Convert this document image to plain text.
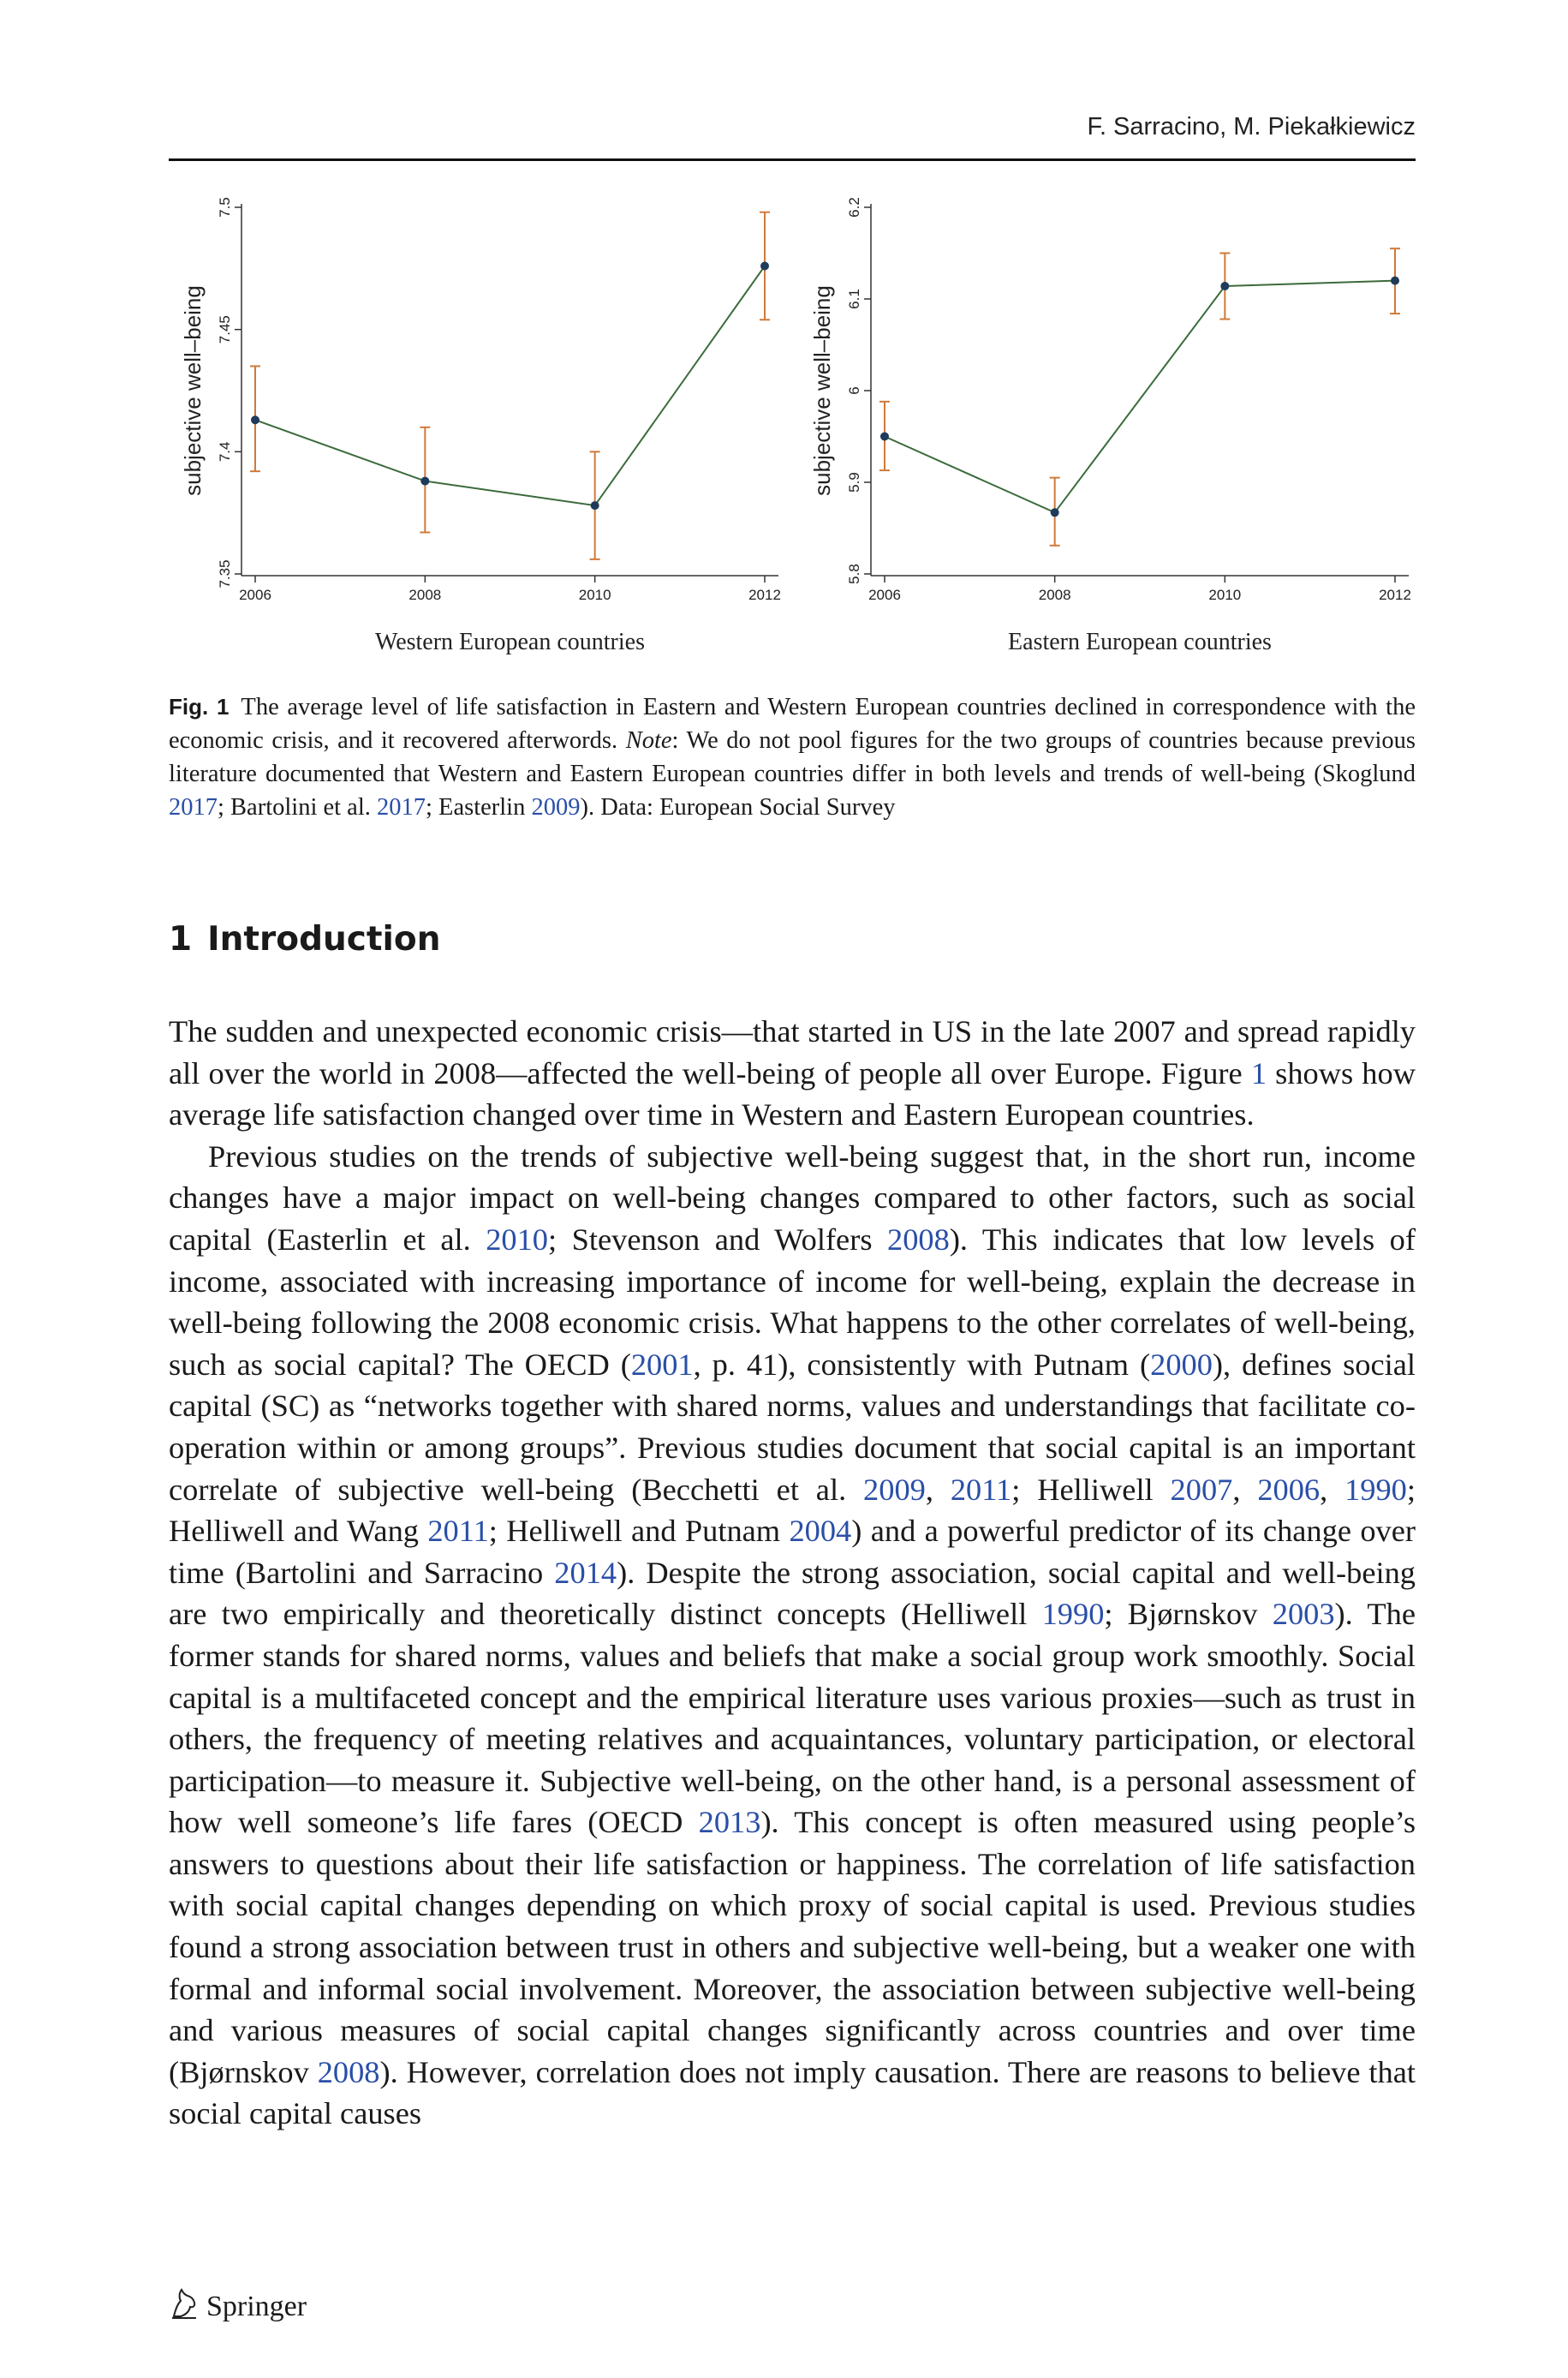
F. Sarracino, M. Piekałkiewicz
7.35
7.4
7.45
7.5
2006	2008	2010	2012
subjective well–being
Western European countries
5.8
5.9
6
6.1
6.2
2006	2008	2010	2012
subjective well–being
Eastern European countries
Fig. 1 The average level of life satisfaction in Eastern and Western European countries declined in correspondence with the economic crisis, and it recovered afterwords. Note: We do not pool figures for the two groups of countries because previous literature documented that Western and Eastern European countries differ in both levels and trends of well-being (Skoglund 2017; Bartolini et al. 2017; Easterlin 2009). Data: European Social Survey
1 Introduction

The sudden and unexpected economic crisis—that started in US in the late 2007 and spread rapidly all over the world in 2008—affected the well-being of people all over Europe. Figure 1 shows how average life satisfaction changed over time in Western and Eastern European countries.

Previous studies on the trends of subjective well-being suggest that, in the short run, income changes have a major impact on well-being changes compared to other factors, such as social capital (Easterlin et al. 2010; Stevenson and Wolfers 2008). This indicates that low levels of income, associated with increasing importance of income for well-being, explain the decrease in well-being following the 2008 economic crisis. What happens to the other correlates of well-being, such as social capital? The OECD (2001, p. 41), consistently with Putnam (2000), defines social capital (SC) as “networks together with shared norms, values and understandings that facilitate co-operation within or among groups”. Previous studies document that social capital is an important correlate of subjective well-being (Becchetti et al. 2009, 2011; Helliwell 2007, 2006, 1990; Helliwell and Wang 2011; Helliwell and Putnam 2004) and a powerful predictor of its change over time (Bartolini and Sarracino 2014). Despite the strong association, social capital and well-being are two empirically and theoretically distinct concepts (Helliwell 1990; Bjørnskov 2003). The former stands for shared norms, values and beliefs that make a social group work smoothly. Social capital is a multifaceted concept and the empirical literature uses various proxies—such as trust in others, the frequency of meeting relatives and acquaintances, voluntary participation, or electoral participation—to measure it. Subjective well-being, on the other hand, is a personal assessment of how well someone’s life fares (OECD 2013). This concept is often measured using people’s answers to questions about their life satisfaction or happiness. The correlation of life satisfaction with social capital changes depending on which proxy of social capital is used. Previous studies found a strong association between trust in others and subjective well-being, but a weaker one with formal and informal social involvement. Moreover, the association between subjective well-being and various measures of social capital changes significantly across countries and over time (Bjørnskov 2008). However, correlation does not imply causation. There are reasons to believe that social capital causes

Springer
